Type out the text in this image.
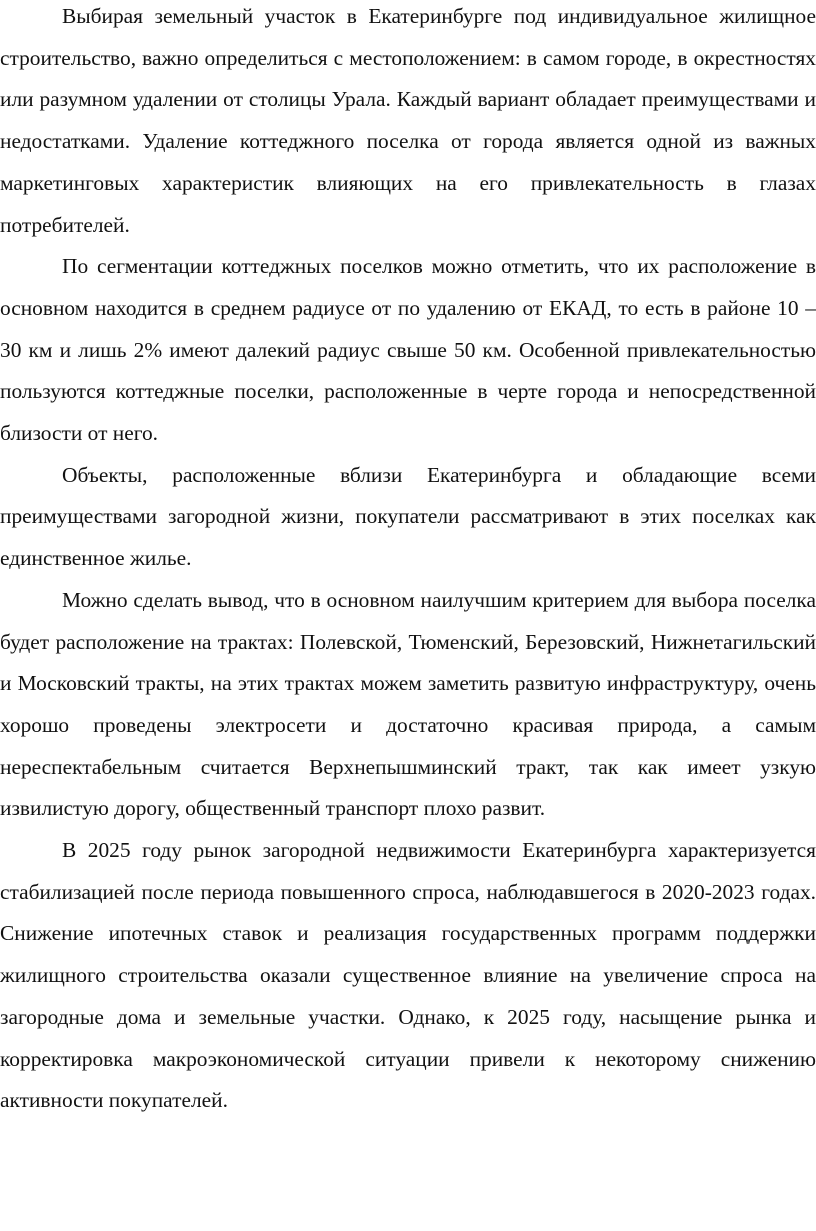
Выбирая земельный участок в Екатеринбурге под индивидуальное жилищное строительство, важно определиться с местоположением: в самом городе, в окрестностях или разумном удалении от столицы Урала. Каждый вариант обладает преимуществами и недостатками. Удаление коттеджного поселка от города является одной из важных маркетинговых характеристик влияющих на его привлекательность в глазах потребителей.

По сегментации коттеджных поселков можно отметить, что их расположение в основном находится в среднем радиусе от по удалению от ЕКАД, то есть в районе 10 – 30 км и лишь 2% имеют далекий радиус свыше 50 км. Особенной привлекательностью пользуются коттеджные поселки, расположенные в черте города и непосредственной близости от него.

Объекты, расположенные вблизи Екатеринбурга и обладающие всеми преимуществами загородной жизни, покупатели рассматривают в этих поселках как единственное жилье.

Можно сделать вывод, что в основном наилучшим критерием для выбора поселка будет расположение на трактах: Полевской, Тюменский, Березовский, Нижнетагильский и Московский тракты, на этих трактах можем заметить развитую инфраструктуру, очень хорошо проведены электросети и достаточно красивая природа, а самым нереспектабельным считается Верхнепышминский тракт, так как имеет узкую извилистую дорогу, общественный транспорт плохо развит.

В 2025 году рынок загородной недвижимости Екатеринбурга характеризуется стабилизацией после периода повышенного спроса, наблюдавшегося в 2020-2023 годах. Снижение ипотечных ставок и реализация государственных программ поддержки жилищного строительства оказали существенное влияние на увеличение спроса на загородные дома и земельные участки. Однако, к 2025 году, насыщение рынка и корректировка макроэкономической ситуации привели к некоторому снижению активности покупателей.
